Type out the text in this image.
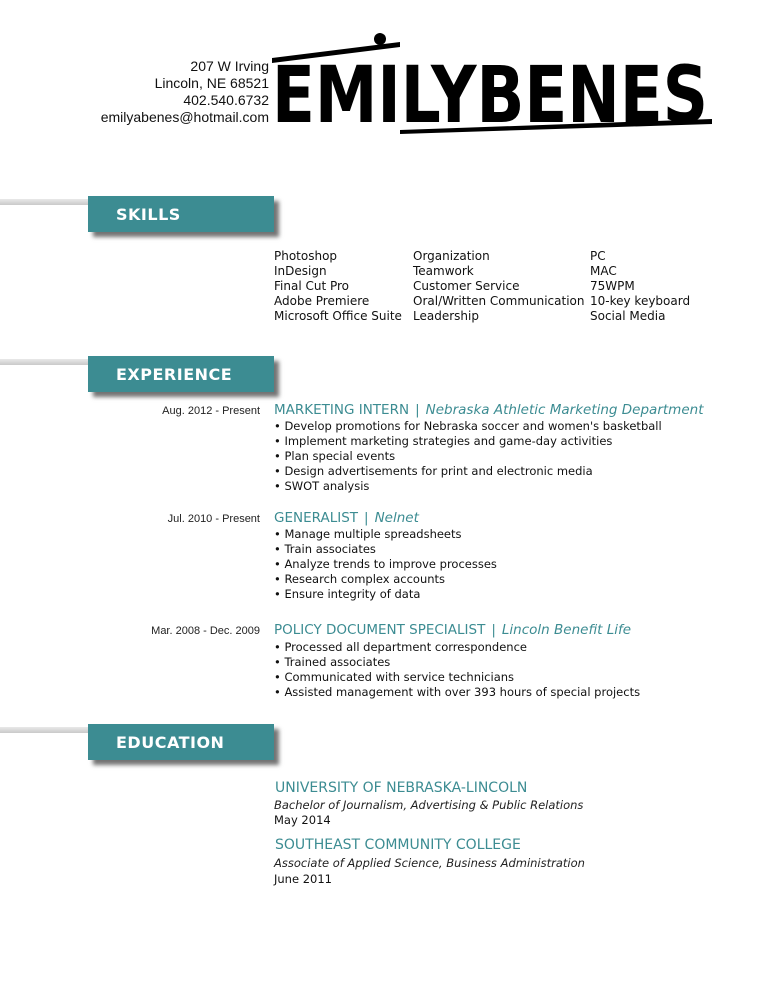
207 W Irving
Lincoln, NE 68521
402.540.6732
emilyabenes@hotmail.com EMILYBENES
SKILLS
Photoshop
InDesign
Final Cut Pro
Adobe Premiere
Microsoft Office Suite
Organization
Teamwork
Customer Service
Oral/Written Communication
Leadership
PC
MAC
75WPM
10-key keyboard
Social Media
EXPERIENCE
Aug. 2012 - Present MARKETING INTERN | Nebraska Athletic Marketing Department
• Develop promotions for Nebraska soccer and women's basketball
• Implement marketing strategies and game-day activities
• Plan special events
• Design advertisements for print and electronic media
• SWOT analysis
Jul. 2010 - Present GENERALIST | Nelnet
• Manage multiple spreadsheets
• Train associates
• Analyze trends to improve processes
• Research complex accounts
• Ensure integrity of data
Mar. 2008 - Dec. 2009 POLICY DOCUMENT SPECIALIST | Lincoln Benefit Life
• Processed all department correspondence
• Trained associates
• Communicated with service technicians
• Assisted management with over 393 hours of special projects
EDUCATION
UNIVERSITY OF NEBRASKA-LINCOLN
Bachelor of Journalism, Advertising & Public Relations
May 2014
SOUTHEAST COMMUNITY COLLEGE
Associate of Applied Science, Business Administration
June 2011
